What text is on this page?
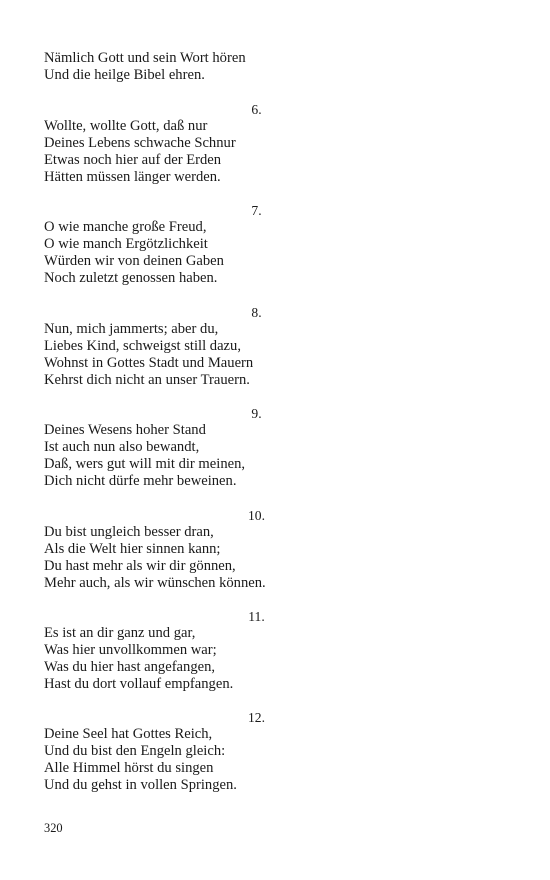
Nämlich Gott und sein Wort hören
Und die heilge Bibel ehren.
6.
Wollte, wollte Gott, daß nur
Deines Lebens schwache Schnur
Etwas noch hier auf der Erden
Hätten müssen länger werden.
7.
O wie manche große Freud,
O wie manch Ergötzlichkeit
Würden wir von deinen Gaben
Noch zuletzt genossen haben.
8.
Nun, mich jammerts; aber du,
Liebes Kind, schweigst still dazu,
Wohnst in Gottes Stadt und Mauern
Kehrst dich nicht an unser Trauern.
9.
Deines Wesens hoher Stand
Ist auch nun also bewandt,
Daß, wers gut will mit dir meinen,
Dich nicht dürfe mehr beweinen.
10.
Du bist ungleich besser dran,
Als die Welt hier sinnen kann;
Du hast mehr als wir dir gönnen,
Mehr auch, als wir wünschen können.
11.
Es ist an dir ganz und gar,
Was hier unvollkommen war;
Was du hier hast angefangen,
Hast du dort vollauf empfangen.
12.
Deine Seel hat Gottes Reich,
Und du bist den Engeln gleich:
Alle Himmel hörst du singen
Und du gehst in vollen Springen.
320
